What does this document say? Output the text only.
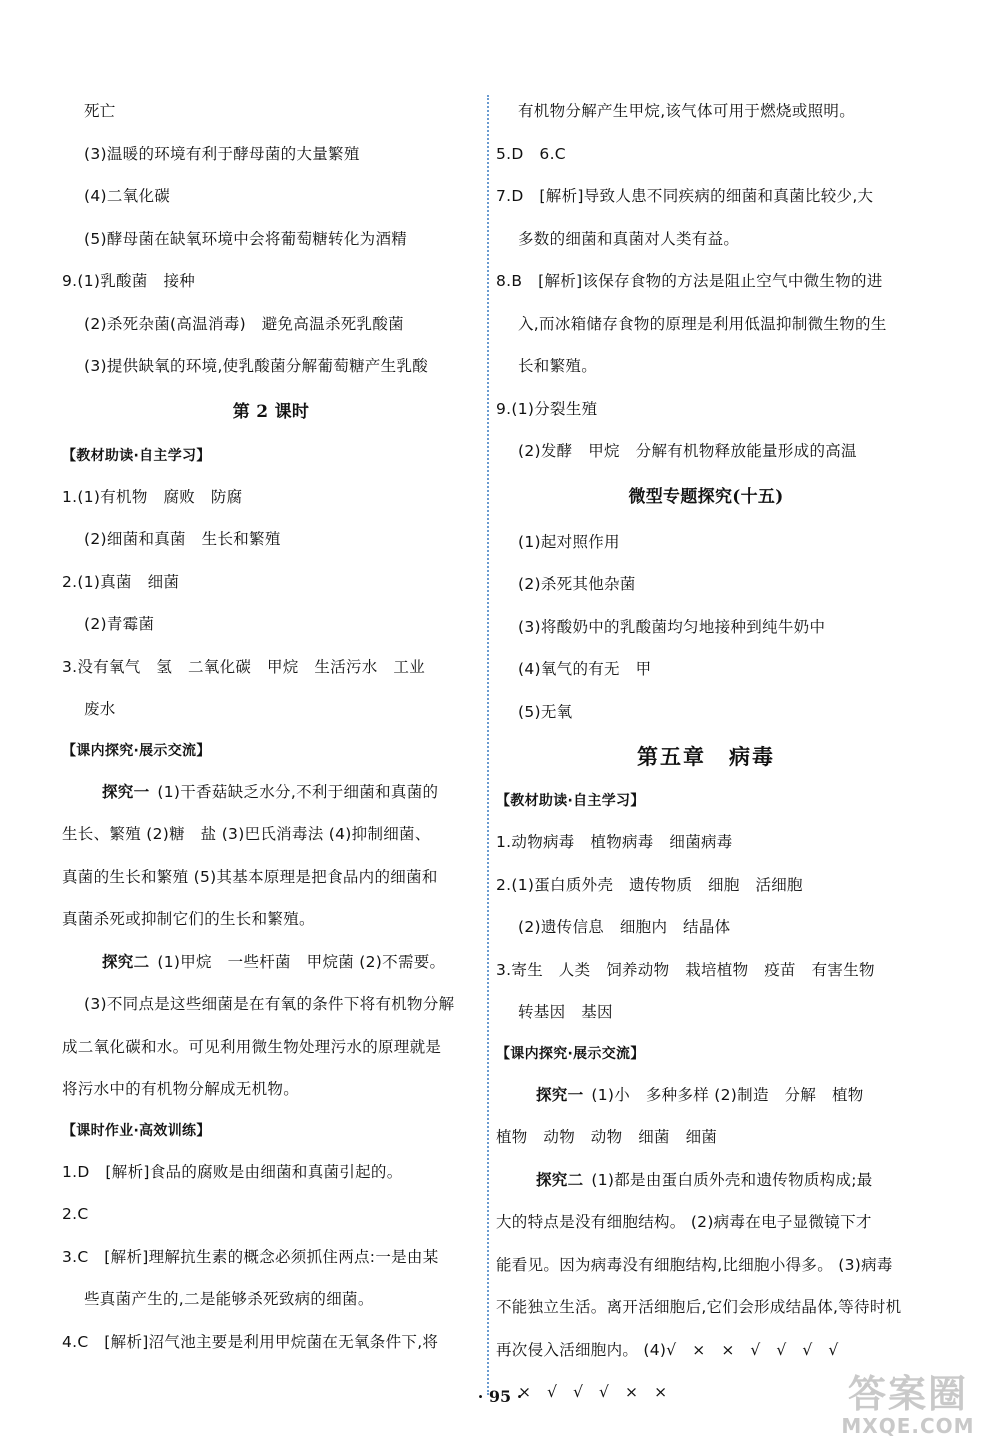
死亡
(3)温暖的环境有利于酵母菌的大量繁殖
(4)二氧化碳
(5)酵母菌在缺氧环境中会将葡萄糖转化为酒精
9.(1)乳酸菌　接种
(2)杀死杂菌(高温消毒)　避免高温杀死乳酸菌
(3)提供缺氧的环境,使乳酸菌分解葡萄糖产生乳酸
第 2 课时
【教材助读·自主学习】
1.(1)有机物　腐败　防腐
(2)细菌和真菌　生长和繁殖
2.(1)真菌　细菌
(2)青霉菌
3.没有氧气　氢　二氧化碳　甲烷　生活污水　工业
废水
【课内探究·展示交流】
探究一 (1)干香菇缺乏水分,不利于细菌和真菌的
生长、繁殖 (2)糖　盐 (3)巴氏消毒法 (4)抑制细菌、
真菌的生长和繁殖 (5)其基本原理是把食品内的细菌和
真菌杀死或抑制它们的生长和繁殖。
探究二 (1)甲烷　一些杆菌　甲烷菌 (2)不需要。
(3)不同点是这些细菌是在有氧的条件下将有机物分解
成二氧化碳和水。可见利用微生物处理污水的原理就是
将污水中的有机物分解成无机物。
【课时作业·高效训练】
1.D　[解析]食品的腐败是由细菌和真菌引起的。
2.C
3.C　[解析]理解抗生素的概念必须抓住两点:一是由某
些真菌产生的,二是能够杀死致病的细菌。
4.C　[解析]沼气池主要是利用甲烷菌在无氧条件下,将
有机物分解产生甲烷,该气体可用于燃烧或照明。
5.D　6.C
7.D　[解析]导致人患不同疾病的细菌和真菌比较少,大
多数的细菌和真菌对人类有益。
8.B　[解析]该保存食物的方法是阻止空气中微生物的进
入,而冰箱储存食物的原理是利用低温抑制微生物的生
长和繁殖。
9.(1)分裂生殖
(2)发酵　甲烷　分解有机物释放能量形成的高温
微型专题探究(十五)
(1)起对照作用
(2)杀死其他杂菌
(3)将酸奶中的乳酸菌均匀地接种到纯牛奶中
(4)氧气的有无　甲
(5)无氧
第五章　病毒
【教材助读·自主学习】
1.动物病毒　植物病毒　细菌病毒
2.(1)蛋白质外壳　遗传物质　细胞　活细胞
(2)遗传信息　细胞内　结晶体
3.寄生　人类　饲养动物　栽培植物　疫苗　有害生物
转基因　基因
【课内探究·展示交流】
探究一 (1)小　多种多样 (2)制造　分解　植物
植物　动物　动物　细菌　细菌
探究二 (1)都是由蛋白质外壳和遗传物质构成;最
大的特点是没有细胞结构。 (2)病毒在电子显微镜下才
能看见。因为病毒没有细胞结构,比细胞小得多。 (3)病毒
不能独立生活。离开活细胞后,它们会形成结晶体,等待时机
再次侵入活细胞内。 (4)√　×　×　√　√　√　√
×　√　√　√　×　×
· 95 ·	答案圈
MXQE.COM
